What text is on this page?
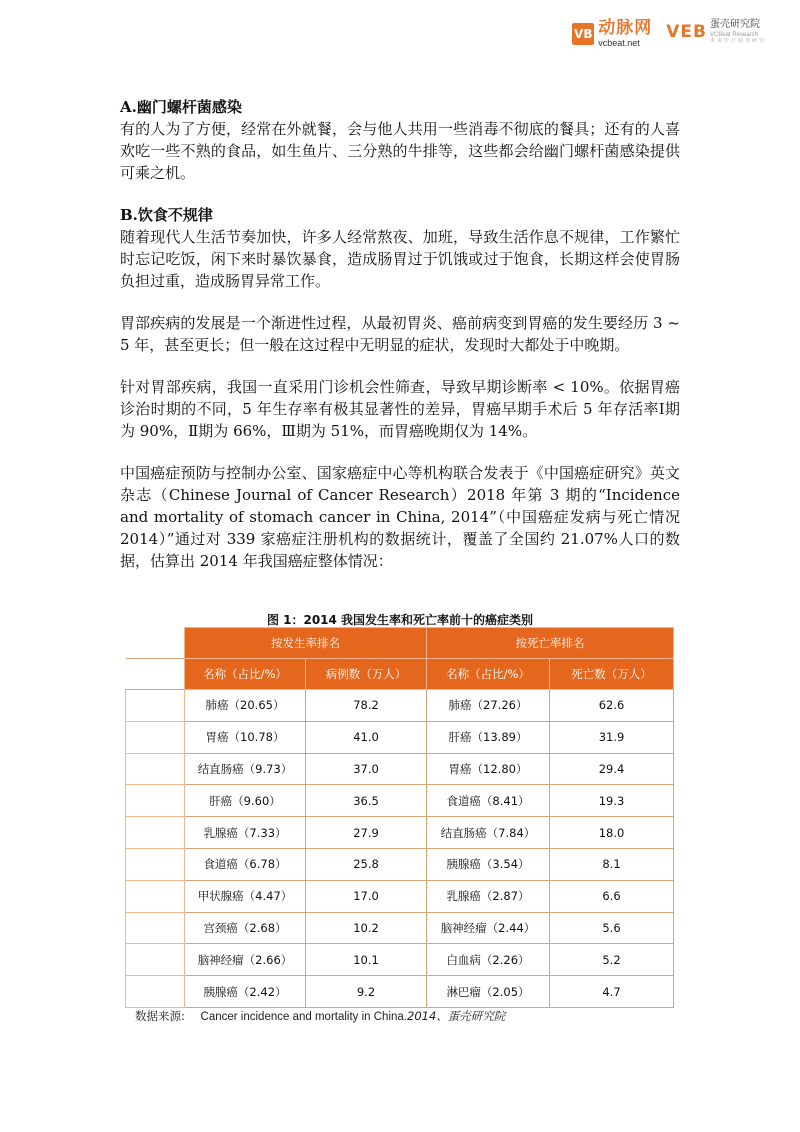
VB 动脉网
vcbeat.net
VEB 蛋壳研究院
VCBeat Research
未来医疗服务研究

A.幽门螺杆菌感染

有的人为了方便，经常在外就餐，会与他人共用一些消毒不彻底的餐具；还有的人喜欢吃一些不熟的食品，如生鱼片、三分熟的牛排等，这些都会给幽门螺杆菌感染提供可乘之机。

B.饮食不规律

随着现代人生活节奏加快，许多人经常熬夜、加班，导致生活作息不规律，工作繁忙时忘记吃饭，闲下来时暴饮暴食，造成肠胃过于饥饿或过于饱食，长期这样会使胃肠负担过重，造成肠胃异常工作。

胃部疾病的发展是一个渐进性过程，从最初胃炎、癌前病变到胃癌的发生要经历 3 ~ 5 年，甚至更长；但一般在这过程中无明显的症状，发现时大都处于中晚期。

针对胃部疾病，我国一直采用门诊机会性筛查，导致早期诊断率 < 10%。依据胃癌诊治时期的不同，5 年生存率有极其显著性的差异，胃癌早期手术后 5 年存活率Ⅰ期为 90%，Ⅱ期为 66%，Ⅲ期为 51%，而胃癌晚期仅为 14%。

中国癌症预防与控制办公室、国家癌症中心等机构联合发表于《中国癌症研究》英文杂志（Chinese Journal of Cancer Research）2018 年第 3 期的“Incidence and mortality of stomach cancer in China, 2014”（中国癌症发病与死亡情况 2014）”通过对 339 家癌症注册机构的数据统计，覆盖了全国约 21.07%人口的数据，估算出 2014 年我国癌症整体情况：

图 1：2014 我国发生率和死亡率前十的癌症类别
	按发生率排名		按死亡率排名	
	名称（占比/%）	病例数（万人）	名称（占比/%）	死亡数（万人）
No.1	肺癌（20.65）	78.2	肺癌（27.26）	62.6
No.2	胃癌（10.78）	41.0	肝癌（13.89）	31.9
No.3	结直肠癌（9.73）	37.0	胃癌（12.80）	29.4
No.4	肝癌（9.60）	36.5	食道癌（8.41）	19.3
No.5	乳腺癌（7.33）	27.9	结直肠癌（7.84）	18.0
No.6	食道癌（6.78）	25.8	胰腺癌（3.54）	8.1
No.7	甲状腺癌（4.47）	17.0	乳腺癌（2.87）	6.6
No.8	宫颈癌（2.68）	10.2	脑神经瘤（2.44）	5.6
No.9	脑神经瘤（2.66）	10.1	白血病（2.26）	5.2
No.10	胰腺癌（2.42）	9.2	淋巴瘤（2.05）	4.7
数据来源: Cancer incidence and mortality in China.2014、蛋壳研究院
